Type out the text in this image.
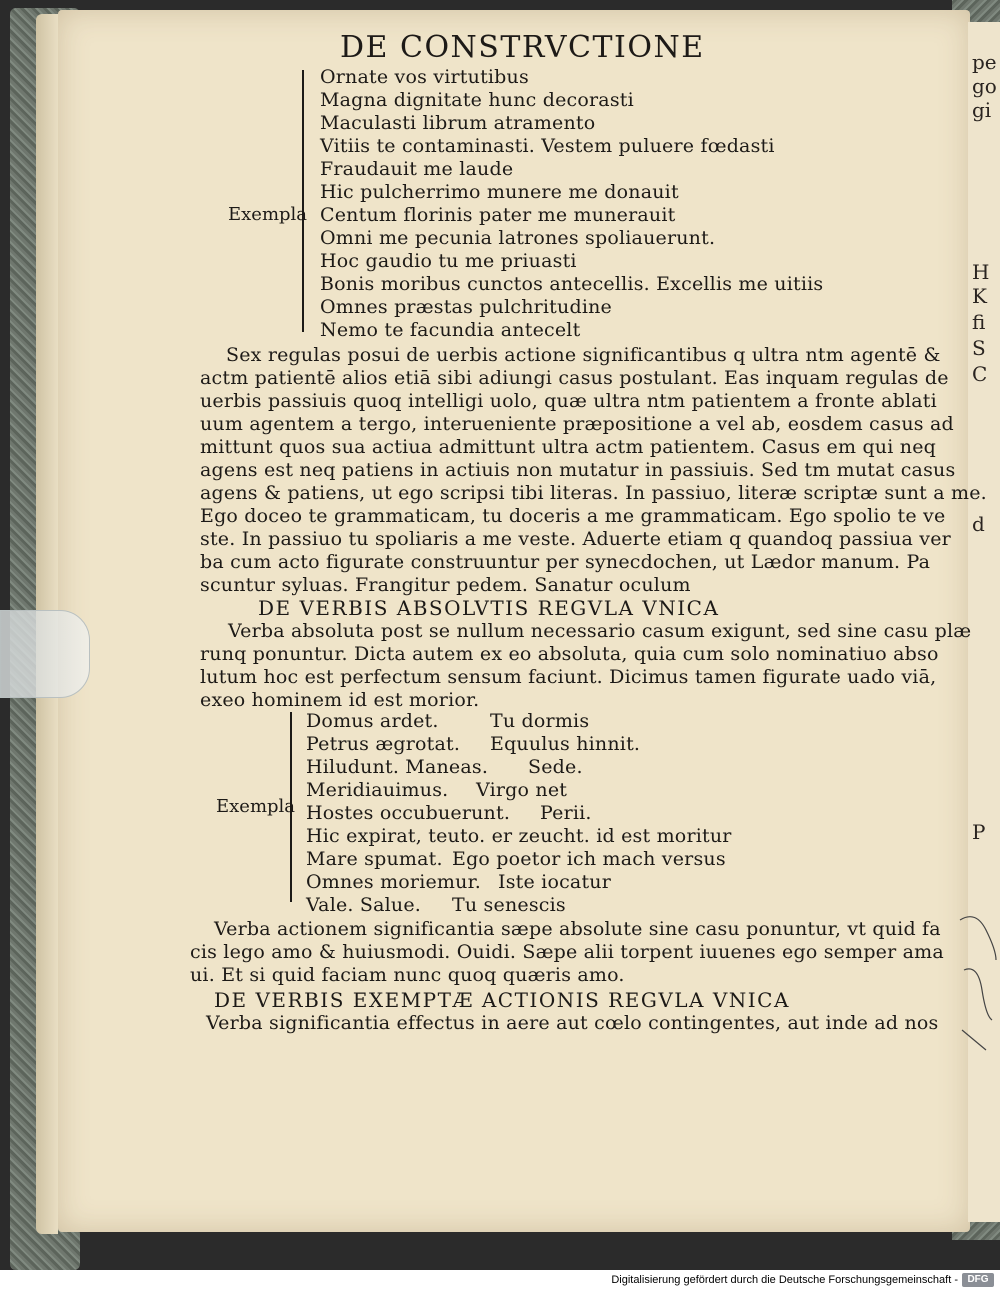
pe
go
gi
H
K
fi
S
C
d
P
DE CONSTRVCTIONE
Exempla
Ornate vos virtutibus
Magna dignitate hunc decorasti
Maculasti librum atramento
Vitiis te contaminasti. Vestem puluere fœdasti
Fraudauit me laude
Hic pulcherrimo munere me donauit
Centum florinis pater me munerauit
Omni me pecunia latrones spoliauerunt.
Hoc gaudio tu me priuasti
Bonis moribus cunctos antecellis. Excellis me uitiis
Omnes præstas pulchritudine
Nemo te facundia antecelt
Sex regulas posui de uerbis actione significantibus q ultra ntm agentē &
actm patientē alios etiā sibi adiungi casus postulant. Eas inquam regulas de
uerbis passiuis quoq intelligi uolo, quæ ultra ntm patientem a fronte ablati
uum agentem a tergo, interueniente præpositione a vel ab, eosdem casus ad
mittunt quos sua actiua admittunt ultra actm patientem. Casus em qui neq
agens est neq patiens in actiuis non mutatur in passiuis. Sed tm mutat casus
agens & patiens, ut ego scripsi tibi literas. In passiuo, literæ scriptæ sunt a me.
Ego doceo te grammaticam, tu doceris a me grammaticam. Ego spolio te ve
ste. In passiuo tu spoliaris a me veste. Aduerte etiam q quandoq passiua ver
ba cum acto figurate construuntur per synecdochen, ut Lædor manum. Pa
scuntur syluas. Frangitur pedem. Sanatur oculum
DE VERBIS ABSOLVTIS REGVLA VNICA
Verba absoluta post se nullum necessario casum exigunt, sed sine casu plæ
runq ponuntur. Dicta autem ex eo absoluta, quia cum solo nominatiuo abso
lutum hoc est perfectum sensum faciunt. Dicimus tamen figurate uado viā,
exeo hominem id est morior.
Exempla
Domus ardet.	Tu dormis
Petrus ægrotat. Equulus hinnit.
Hiludunt. Maneas. Sede.
Meridiauimus. Virgo net
Hostes occubuerunt. Perii.
Hic expirat, teuto. er zeucht. id est moritur
Mare spumat. Ego poetor ich mach versus
Omnes moriemur. Iste iocatur
Vale. Salue. Tu senescis
Verba actionem significantia sæpe absolute sine casu ponuntur, vt quid fa
cis lego amo & huiusmodi. Ouidi. Sæpe alii torpent iuuenes ego semper ama
ui. Et si quid faciam nunc quoq quæris amo.
DE VERBIS EXEMPTÆ ACTIONIS REGVLA VNICA
Verba significantia effectus in aere aut cœlo contingentes, aut inde ad nos
Digitalisierung gefördert durch die Deutsche Forschungsgemeinschaft - DFG
